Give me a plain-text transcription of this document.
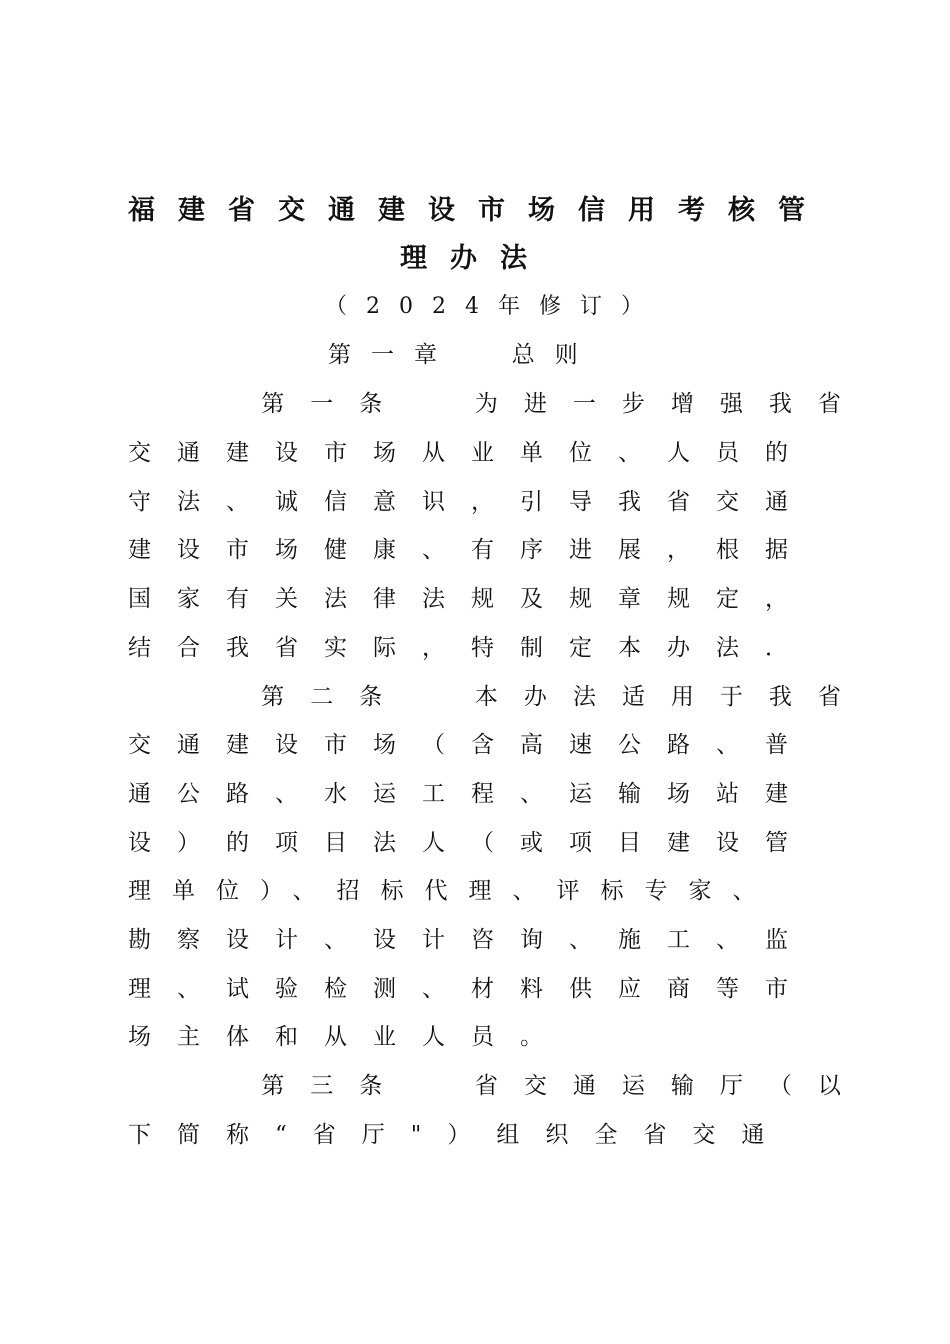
福建省交通建设市场信用考核管
理办法
（2024年修订）
第一章  总则
第一条  为进一步增强我省
交通建设市场从业单位、人员的
守法、诚信意识，引导我省交通
建设市场健康、有序进展，根据
国家有关法律法规及规章规定，
结合我省实际，特制定本办法．
第二条  本办法适用于我省
交通建设市场（含高速公路、普
通公路、水运工程、运输场站建
设）的项目法人（或项目建设管
理单位）、招标代理、评标专家、
勘察设计、设计咨询、施工、监
理、试验检测、材料供应商等市
场主体和从业人员。
第三条  省交通运输厅（以
下简称“省厅"）组织全省交通
